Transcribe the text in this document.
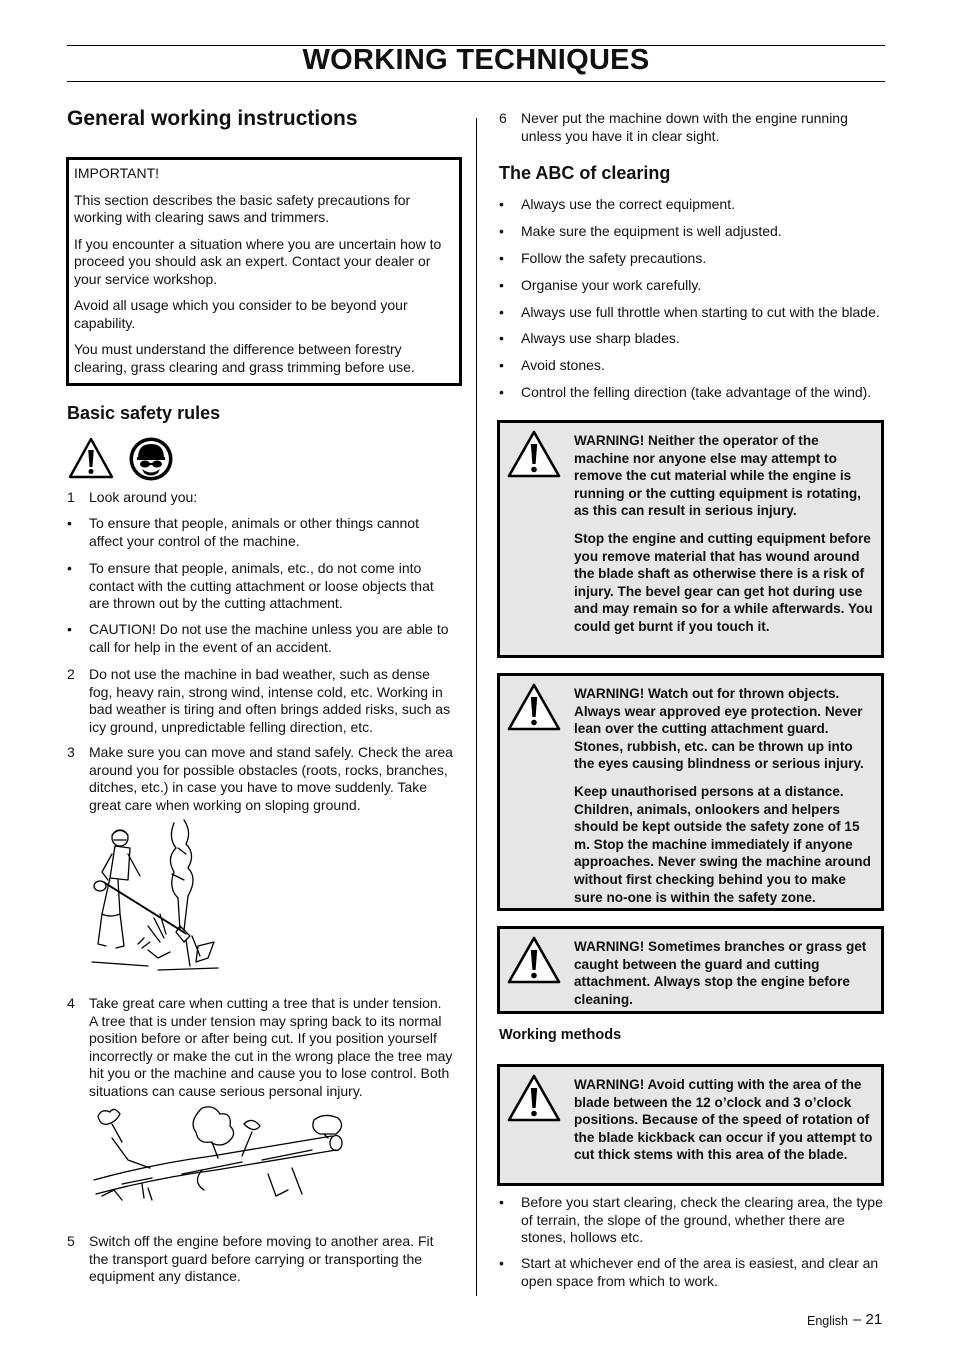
WORKING TECHNIQUES
General working instructions

IMPORTANT!

This section describes the basic safety precautions for working with clearing saws and trimmers.

If you encounter a situation where you are uncertain how to proceed you should ask an expert. Contact your dealer or your service workshop.

Avoid all usage which you consider to be beyond your capability.

You must understand the difference between forestry clearing, grass clearing and grass trimming before use.

Basic safety rules
1 Look around you:
• To ensure that people, animals or other things cannot affect your control of the machine.
• To ensure that people, animals, etc., do not come into contact with the cutting attachment or loose objects that are thrown out by the cutting attachment.
• CAUTION! Do not use the machine unless you are able to call for help in the event of an accident.
2 Do not use the machine in bad weather, such as dense fog, heavy rain, strong wind, intense cold, etc. Working in bad weather is tiring and often brings added risks, such as icy ground, unpredictable felling direction, etc.
3 Make sure you can move and stand safely. Check the area around you for possible obstacles (roots, rocks, branches, ditches, etc.) in case you have to move suddenly. Take great care when working on sloping ground.
4 Take great care when cutting a tree that is under tension. A tree that is under tension may spring back to its normal position before or after being cut. If you position yourself incorrectly or make the cut in the wrong place the tree may hit you or the machine and cause you to lose control. Both situations can cause serious personal injury.
5 Switch off the engine before moving to another area. Fit the transport guard before carrying or transporting the equipment any distance.
6 Never put the machine down with the engine running unless you have it in clear sight.
The ABC of clearing
• Always use the correct equipment.
• Make sure the equipment is well adjusted.
• Follow the safety precautions.
• Organise your work carefully.
• Always use full throttle when starting to cut with the blade.
• Always use sharp blades.
• Avoid stones.
• Control the felling direction (take advantage of the wind).

WARNING! Neither the operator of the machine nor anyone else may attempt to remove the cut material while the engine is running or the cutting equipment is rotating, as this can result in serious injury.

Stop the engine and cutting equipment before you remove material that has wound around the blade shaft as otherwise there is a risk of injury. The bevel gear can get hot during use and may remain so for a while afterwards. You could get burnt if you touch it.

WARNING! Watch out for thrown objects. Always wear approved eye protection. Never lean over the cutting attachment guard. Stones, rubbish, etc. can be thrown up into the eyes causing blindness or serious injury.

Keep unauthorised persons at a distance. Children, animals, onlookers and helpers should be kept outside the safety zone of 15 m. Stop the machine immediately if anyone approaches. Never swing the machine around without first checking behind you to make sure no-one is within the safety zone.

WARNING! Sometimes branches or grass get caught between the guard and cutting attachment. Always stop the engine before cleaning.

Working methods

WARNING! Avoid cutting with the area of the blade between the 12 o’clock and 3 o’clock positions. Because of the speed of rotation of the blade kickback can occur if you attempt to cut thick stems with this area of the blade.

• Before you start clearing, check the clearing area, the type of terrain, the slope of the ground, whether there are stones, hollows etc.
• Start at whichever end of the area is easiest, and clear an open space from which to work.
English – 21
